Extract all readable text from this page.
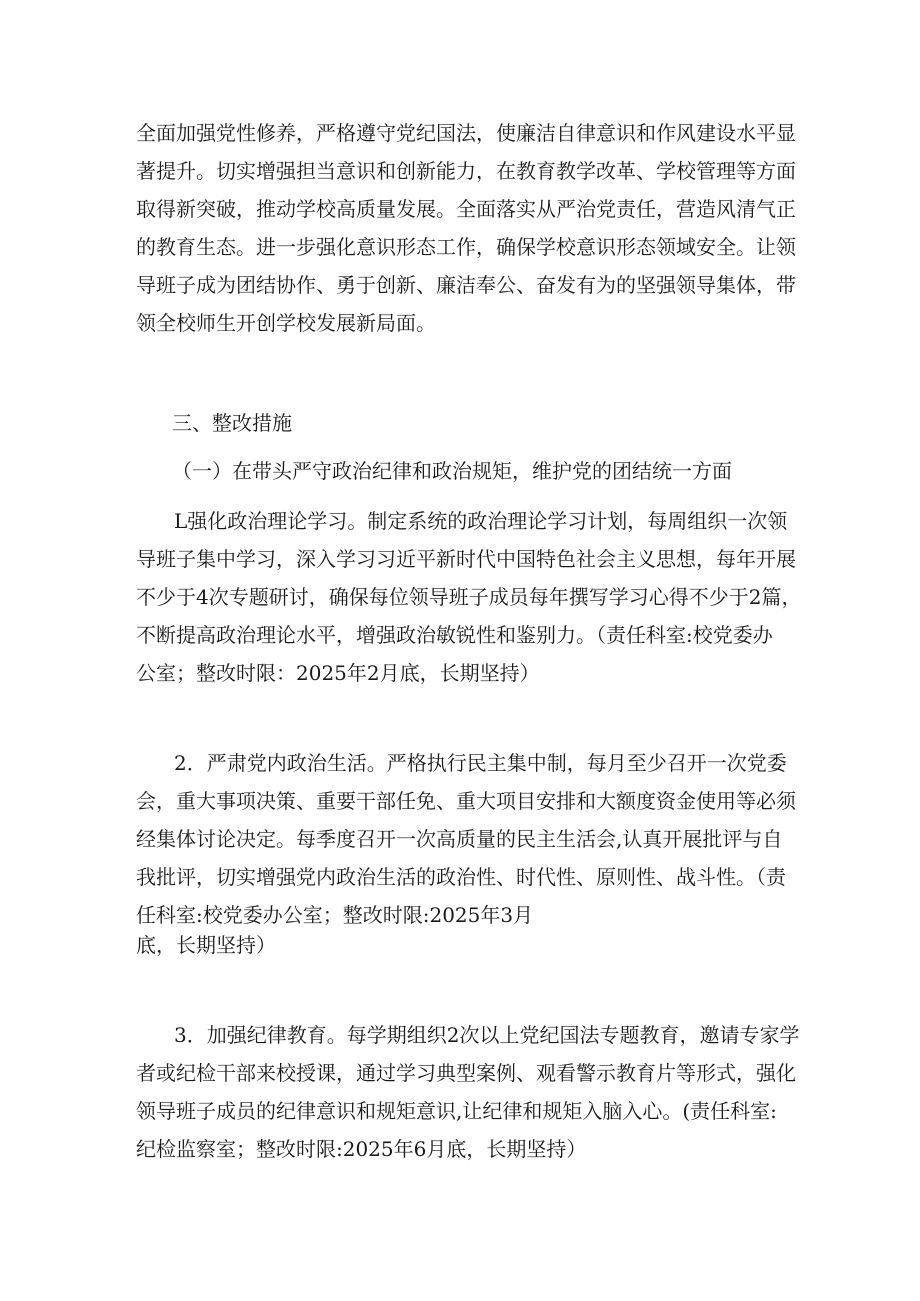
全面加强党性修养，严格遵守党纪国法，使廉洁自律意识和作风建设水平显
著提升。切实增强担当意识和创新能力，在教育教学改革、学校管理等方面
取得新突破，推动学校高质量发展。全面落实从严治党责任，营造风清气正
的教育生态。进一步强化意识形态工作，确保学校意识形态领域安全。让领
导班子成为团结协作、勇于创新、廉洁奉公、奋发有为的坚强领导集体，带
领全校师生开创学校发展新局面。
三、整改措施
（一）在带头严守政治纪律和政治规矩，维护党的团结统一方面
L强化政治理论学习。制定系统的政治理论学习计划，每周组织一次领
导班子集中学习，深入学习习近平新时代中国特色社会主义思想，每年开展
不少于4次专题研讨，确保每位领导班子成员每年撰写学习心得不少于2篇，
不断提高政治理论水平，增强政治敏锐性和鉴别力。（责任科室:校党委办
公室；整改时限：2025年2月底，长期坚持）
2．严肃党内政治生活。严格执行民主集中制，每月至少召开一次党委
会，重大事项决策、重要干部任免、重大项目安排和大额度资金使用等必须
经集体讨论决定。每季度召开一次高质量的民主生活会,认真开展批评与自
我批评，切实增强党内政治生活的政治性、时代性、原则性、战斗性。（责
任科室:校党委办公室；整改时限:2025年3月
底，长期坚持）
3．加强纪律教育。每学期组织2次以上党纪国法专题教育，邀请专家学
者或纪检干部来校授课，通过学习典型案例、观看警示教育片等形式，强化
领导班子成员的纪律意识和规矩意识,让纪律和规矩入脑入心。(责任科室:
纪检监察室；整改时限:2025年6月底，长期坚持）
